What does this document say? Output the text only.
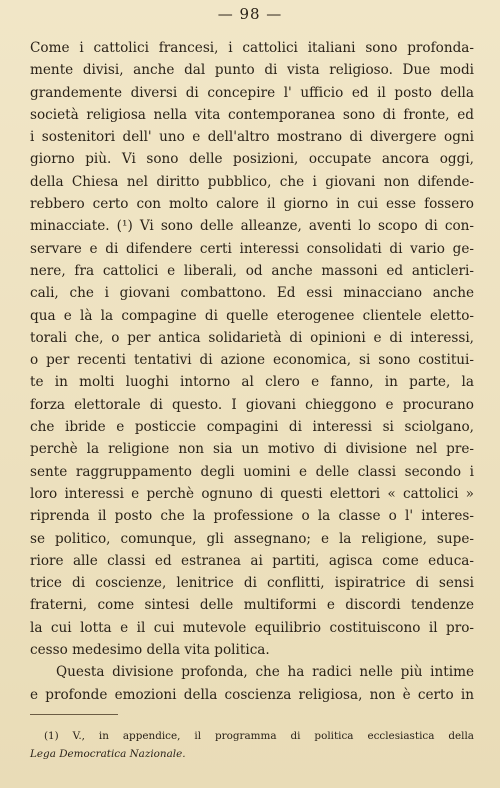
— 98 —

Come i cattolici francesi, i cattolici italiani sono profonda-
mente divisi, anche dal punto di vista religioso. Due modi
grandemente diversi di concepire l' ufficio ed il posto della
società religiosa nella vita contemporanea sono di fronte, ed
i sostenitori dell' uno e dell'altro mostrano di divergere ogni
giorno più. Vi sono delle posizioni, occupate ancora oggi,
della Chiesa nel diritto pubblico, che i giovani non difende-
rebbero certo con molto calore il giorno in cui esse fossero
minacciate. (¹) Vi sono delle alleanze, aventi lo scopo di con-
servare e di difendere certi interessi consolidati di vario ge-
nere, fra cattolici e liberali, od anche massoni ed anticleri-
cali, che i giovani combattono. Ed essi minacciano anche
qua e là la compagine di quelle eterogenee clientele eletto-
torali che, o per antica solidarietà di opinioni e di interessi,
o per recenti tentativi di azione economica, si sono costitui-
te in molti luoghi intorno al clero e fanno, in parte, la
forza elettorale di questo. I giovani chieggono e procurano
che ibride e posticcie compagini di interessi si sciolgano,
perchè la religione non sia un motivo di divisione nel pre-
sente raggruppamento degli uomini e delle classi secondo i
loro interessi e perchè ognuno di questi elettori « cattolici »
riprenda il posto che la professione o la classe o l' interes-
se politico, comunque, gli assegnano; e la religione, supe-
riore alle classi ed estranea ai partiti, agisca come educa-
trice di coscienze, lenitrice di conflitti, ispiratrice di sensi
fraterni, come sintesi delle multiformi e discordi tendenze
la cui lotta e il cui mutevole equilibrio costituiscono il pro-
cesso medesimo della vita politica.

Questa divisione profonda, che ha radici nelle più intime
e profonde emozioni della coscienza religiosa, non è certo in

(1) V., in appendice, il programma di politica ecclesiastica della
Lega Democratica Nazionale.
